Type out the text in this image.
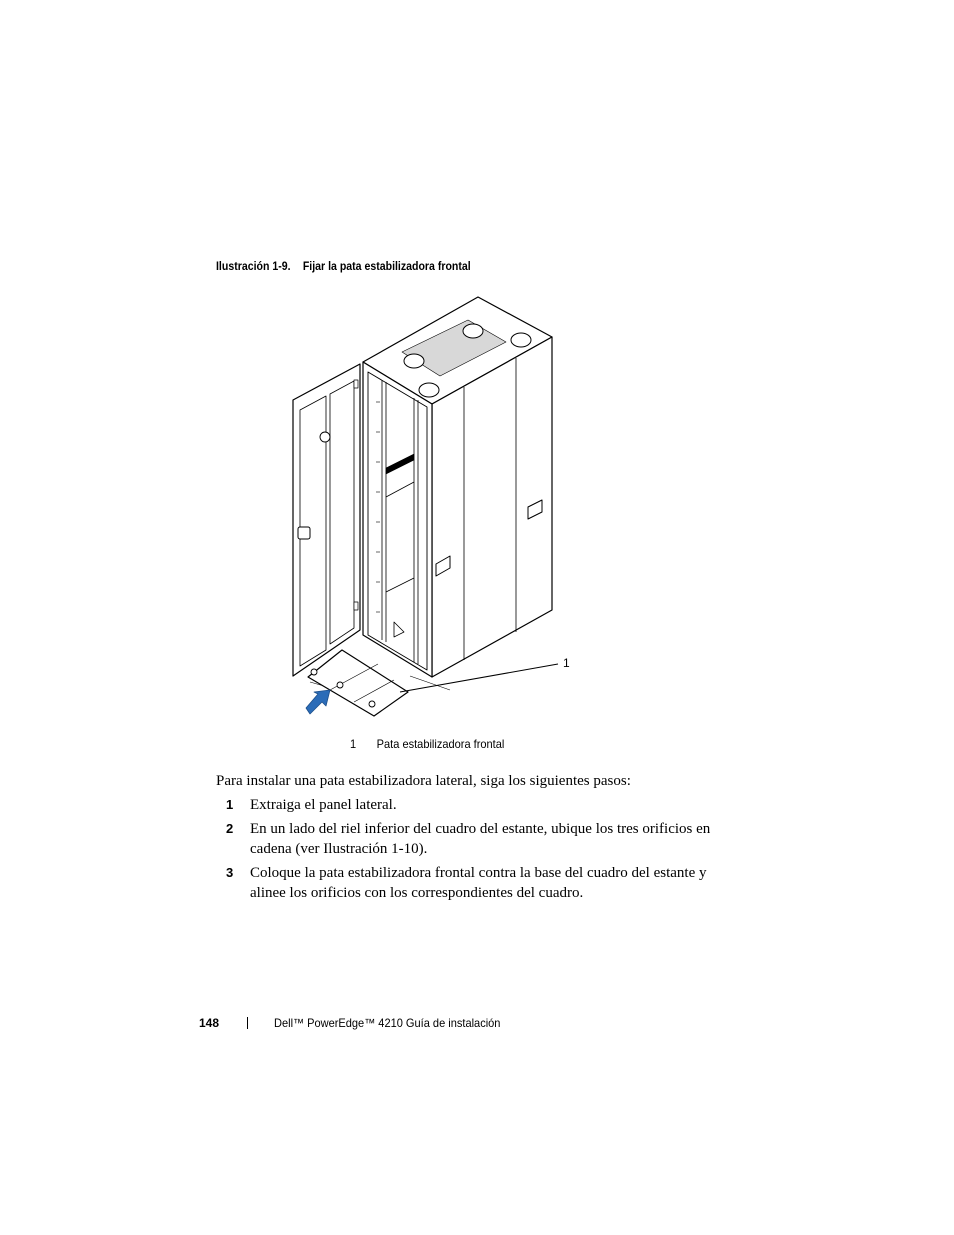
Ilustración 1-9. Fijar la pata estabilizadora frontal
1
1 Pata estabilizadora frontal
Para instalar una pata estabilizadora lateral, siga los siguientes pasos:
1 Extraiga el panel lateral.
2 En un lado del riel inferior del cuadro del estante, ubique los tres orificios en cadena (ver Ilustración 1-10).
3 Coloque la pata estabilizadora frontal contra la base del cuadro del estante y alinee los orificios con los correspondientes del cuadro.
148	Dell™ PowerEdge™ 4210 Guía de instalación
